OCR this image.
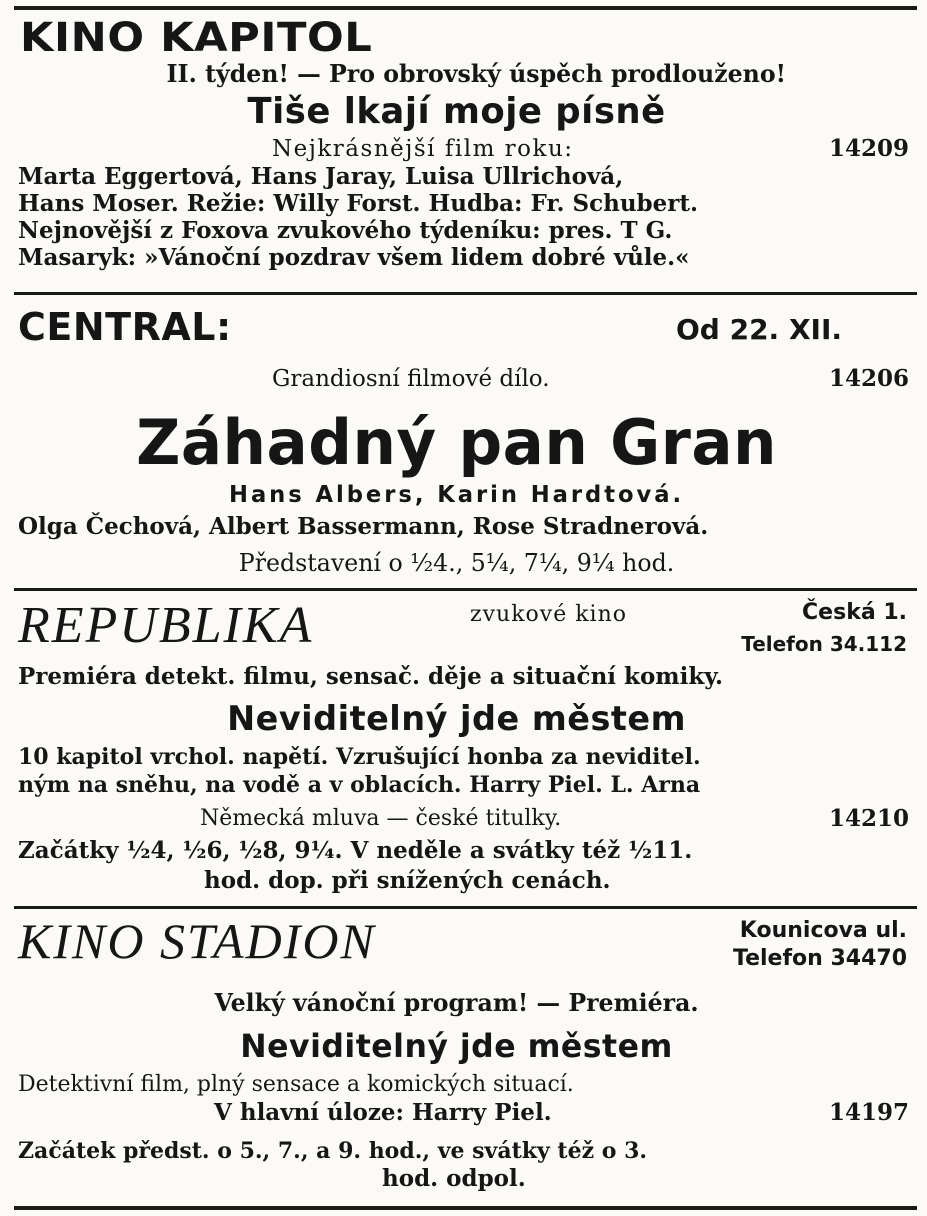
KINO KAPITOL
II. týden! — Pro obrovský úspěch prodlouženo!
Tiše lkají moje písně
Nejkrásnější film roku:	14209
Marta Eggertová, Hans Jaray, Luisa Ullrichová,
Hans Moser. Režie: Willy Forst. Hudba: Fr. Schubert.
Nejnovější z Foxova zvukového týdeníku: pres. T G.
Masaryk: »Vánoční pozdrav všem lidem dobré vůle.«
CENTRAL:	Od 22. XII.
Grandiosní filmové dílo.	14206
Záhadný pan Gran
Hans Albers, Karin Hardtová.
Olga Čechová, Albert Bassermann, Rose Stradnerová.
Představení o ½4., 5¼, 7¼, 9¼ hod.
REPUBLIKA	zvukové kino	Česká 1.
Telefon 34.112
Premiéra detekt. filmu, sensač. děje a situační komiky.
Neviditelný jde městem
10 kapitol vrchol. napětí. Vzrušující honba za neviditel.
ným na sněhu, na vodě a v oblacích. Harry Piel. L. Arna
Německá mluva — české titulky.	14210
Začátky ½4, ½6, ½8, 9¼. V neděle a svátky též ½11.
hod. dop. při snížených cenách.
KINO STADION	Kounicova ul.
Telefon 34470
Velký vánoční program! — Premiéra.
Neviditelný jde městem
Detektivní film, plný sensace a komických situací.
V hlavní úloze: Harry Piel.	14197
Začátek předst. o 5., 7., a 9. hod., ve svátky též o 3.
hod. odpol.
